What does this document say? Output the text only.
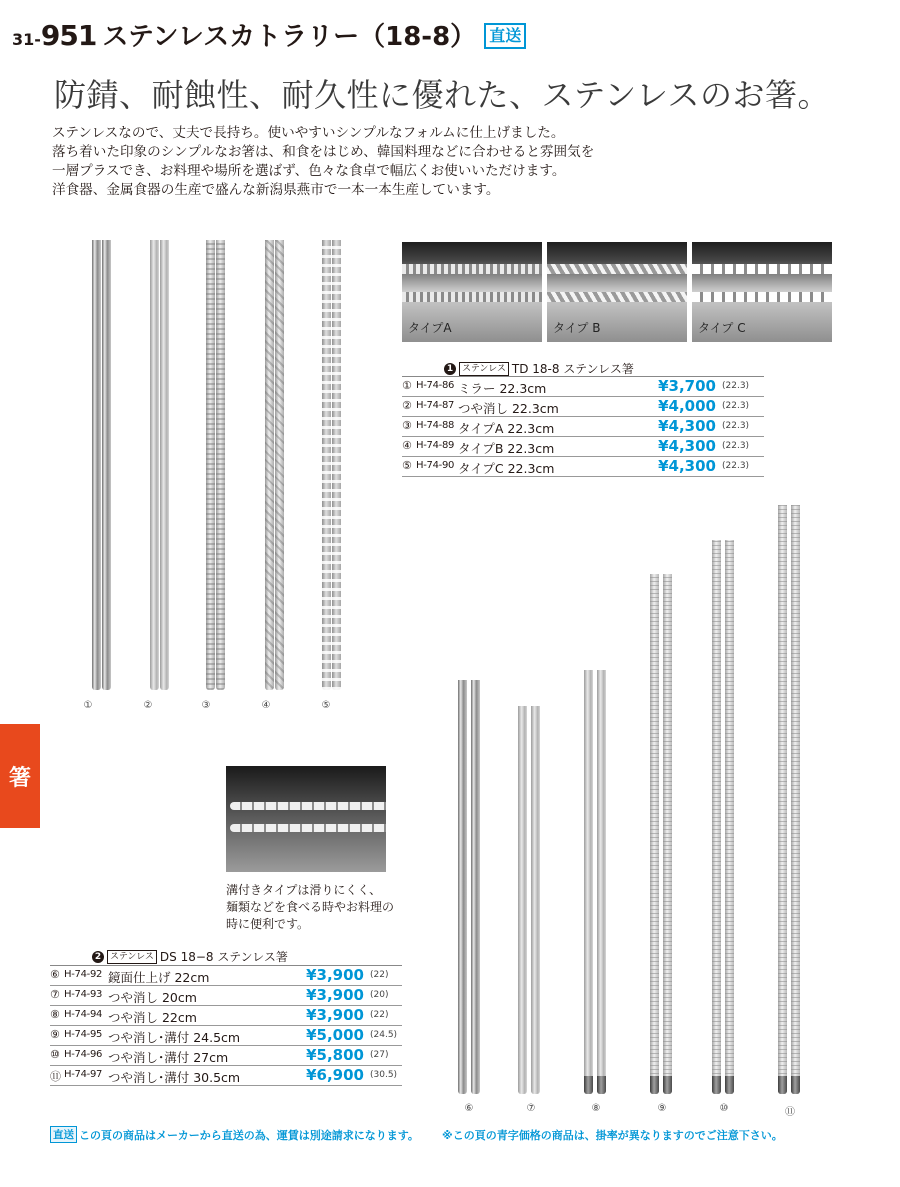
31- 951 ステンレスカトラリー（18-8） 直送
防錆、耐蝕性、耐久性に優れた、ステンレスのお箸。
ステンレスなので、丈夫で長持ち。使いやすいシンプルなフォルムに仕上げました。
落ち着いた印象のシンプルなお箸は、和食をはじめ、韓国料理などに合わせると雰囲気を
一層プラスでき、お料理や場所を選ばず、色々な食卓で幅広くお使いいただけます。
洋食器、金属食器の生産で盛んな新潟県燕市で一本一本生産しています。
箸
①	②	③	④	⑤
タイプA	タイプ B	タイプ C
1 ステンレス TD 18-8 ステンレス箸
① H-74-86 ミラー 22.3cm	¥3,700 (22.3)
② H-74-87 つや消し 22.3cm	¥4,000 (22.3)
③ H-74-88 タイプA 22.3cm	¥4,300 (22.3)
④ H-74-89 タイプB 22.3cm	¥4,300 (22.3)
⑤ H-74-90 タイプC 22.3cm	¥4,300 (22.3)
溝付きタイプは滑りにくく、
麺類などを食べる時やお料理の
時に便利です。
2 ステンレス DS 18−8 ステンレス箸
⑥ H-74-92 鏡面仕上げ 22cm	¥3,900 (22)
⑦ H-74-93 つや消し 20cm	¥3,900 (20)
⑧ H-74-94 つや消し 22cm	¥3,900 (22)
⑨ H-74-95 つや消し･溝付 24.5cm	¥5,000 (24.5)
⑩ H-74-96 つや消し･溝付 27cm	¥5,800 (27)
⑪ H-74-97 つや消し･溝付 30.5cm	¥6,900 (30.5)
⑥	⑦	⑧	⑨	⑩	⑪
直送 この頁の商品はメーカーから直送の為、運賃は別途請求になります。 ※この頁の青字価格の商品は、掛率が異なりますのでご注意下さい。
